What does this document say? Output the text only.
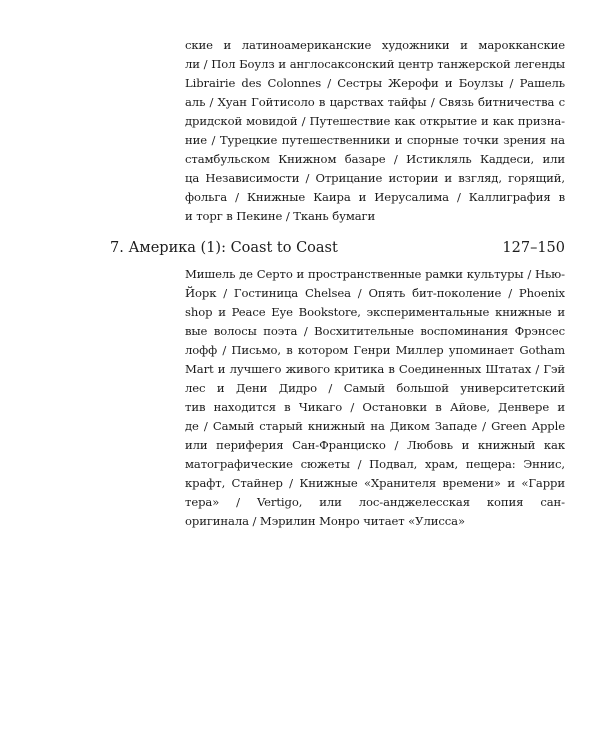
ские и латиноамериканские художники и марокканские
ли / Пол Боулз и англосаксонский центр танжерской легенды
Librairie des Colonnes / Сестры Жерофи и Боулзы / Рашель
аль / Хуан Гойтисоло в царствах тайфы / Связь битничества с
дридской мовидой / Путешествие как открытие и как призна-
ние / Турецкие путешественники и спорные точки зрения на
стамбульском Книжном базаре / Истикляль Каддеси, или
ца Независимости / Отрицание истории и взгляд, горящий,
фольга / Книжные Каира и Иерусалима / Каллиграфия в
и торг в Пекине / Ткань бумаги
7. Америка (1): Coast to Coast	127–150
Мишель де Серто и пространственные рамки культуры / Нью-
Йорк / Гостиница Chelsea / Опять бит-поколение / Phoenix
shop и Peace Eye Bookstore, экспериментальные книжные и
вые волосы поэта / Восхитительные воспоминания Фрэнсес
лофф / Письмо, в котором Генри Миллер упоминает Gotham
Mart и лучшего живого критика в Соединенных Штатах / Гэй
лес и Дени Дидро / Самый большой университетский
тив находится в Чикаго / Остановки в Айове, Денвере и
де / Самый старый книжный на Диком Западе / Green Apple
или периферия Сан-Франциско / Любовь и книжный как
матографические сюжеты / Подвал, храм, пещера: Эннис,
крафт, Стайнер / Книжные «Хранителя времени» и «Гарри
тера» / Vertigo, или лос-анджелесская копия сан-
оригинала / Мэрилин Монро читает «Улисса»
